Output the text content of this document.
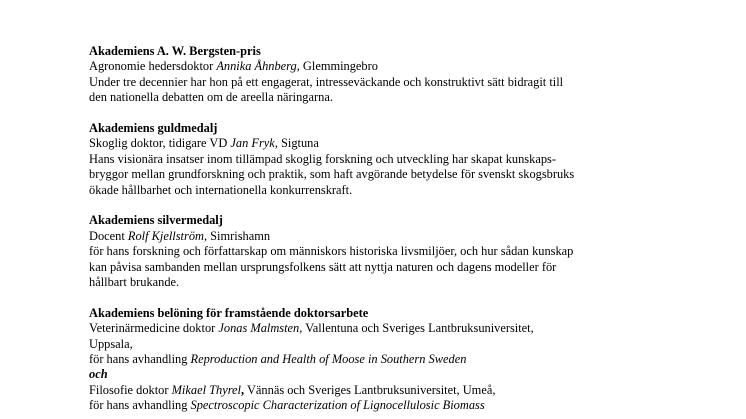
Akademiens A. W. Bergsten-pris
Agronomie hedersdoktor Annika Åhnberg, Glemmingebro
Under tre decennier har hon på ett engagerat, intresseväckande och konstruktivt sätt bidragit till
den nationella debatten om de areella näringarna.
Akademiens guldmedalj
Skoglig doktor, tidigare VD Jan Fryk, Sigtuna
Hans visionära insatser inom tillämpad skoglig forskning och utveckling har skapat kunskaps-
bryggor mellan grundforskning och praktik, som haft avgörande betydelse för svenskt skogsbruks
ökade hållbarhet och internationella konkurrenskraft.
Akademiens silvermedalj
Docent Rolf Kjellström, Simrishamn
för hans forskning och författarskap om människors historiska livsmiljöer, och hur sådan kunskap
kan påvisa sambanden mellan ursprungsfolkens sätt att nyttja naturen och dagens modeller för
hållbart brukande.
Akademiens belöning för framstående doktorsarbete
Veterinärmedicine doktor Jonas Malmsten, Vallentuna och Sveriges Lantbruksuniversitet,
Uppsala,
för hans avhandling Reproduction and Health of Moose in Southern Sweden
och
Filosofie doktor Mikael Thyrel, Vännäs och Sveriges Lantbruksuniversitet, Umeå,
för hans avhandling Spectroscopic Characterization of Lignocellulosic Biomass
